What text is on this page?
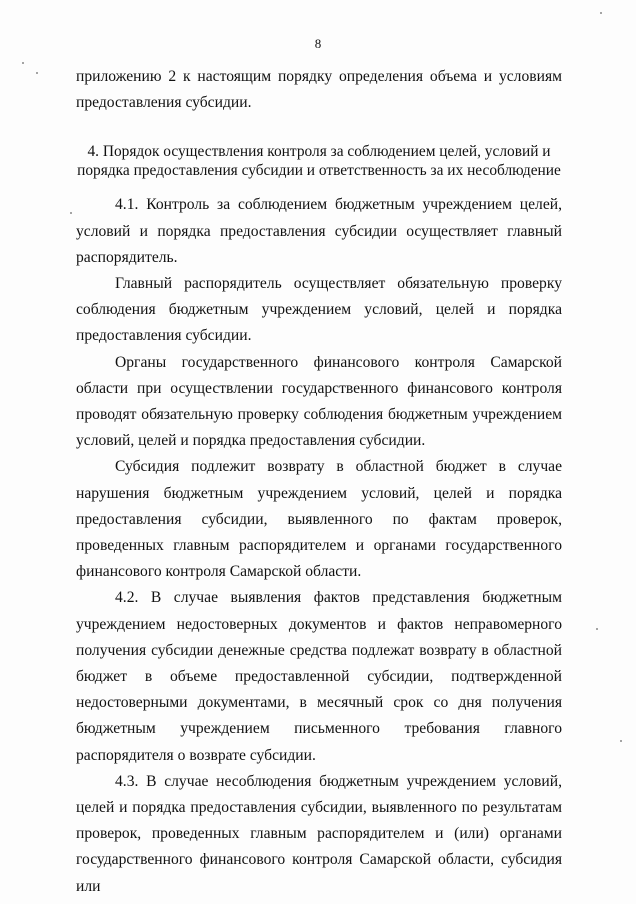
8

приложению 2 к настоящим порядку определения объема и условиям предоставления субсидии.

4. Порядок осуществления контроля за соблюдением целей, условий и порядка предоставления субсидии и ответственность за их несоблюдение

4.1. Контроль за соблюдением бюджетным учреждением целей, условий и порядка предоставления субсидии осуществляет главный распорядитель.

Главный распорядитель осуществляет обязательную проверку соблюдения бюджетным учреждением условий, целей и порядка предоставления субсидии.

Органы государственного финансового контроля Самарской области при осуществлении государственного финансового контроля проводят обязательную проверку соблюдения бюджетным учреждением условий, целей и порядка предоставления субсидии.

Субсидия подлежит возврату в областной бюджет в случае нарушения бюджетным учреждением условий, целей и порядка предоставления субсидии, выявленного по фактам проверок, проведенных главным распорядителем и органами государственного финансового контроля Самарской области.

4.2. В случае выявления фактов представления бюджетным учреждением недостоверных документов и фактов неправомерного получения субсидии денежные средства подлежат возврату в областной бюджет в объеме предоставленной субсидии, подтвержденной недостоверными документами, в месячный срок со дня получения бюджетным учреждением письменного требования главного распорядителя о возврате субсидии.

4.3. В случае несоблюдения бюджетным учреждением условий, целей и порядка предоставления субсидии, выявленного по результатам проверок, проведенных главным распорядителем и (или) органами государственного финансового контроля Самарской области, субсидия или
